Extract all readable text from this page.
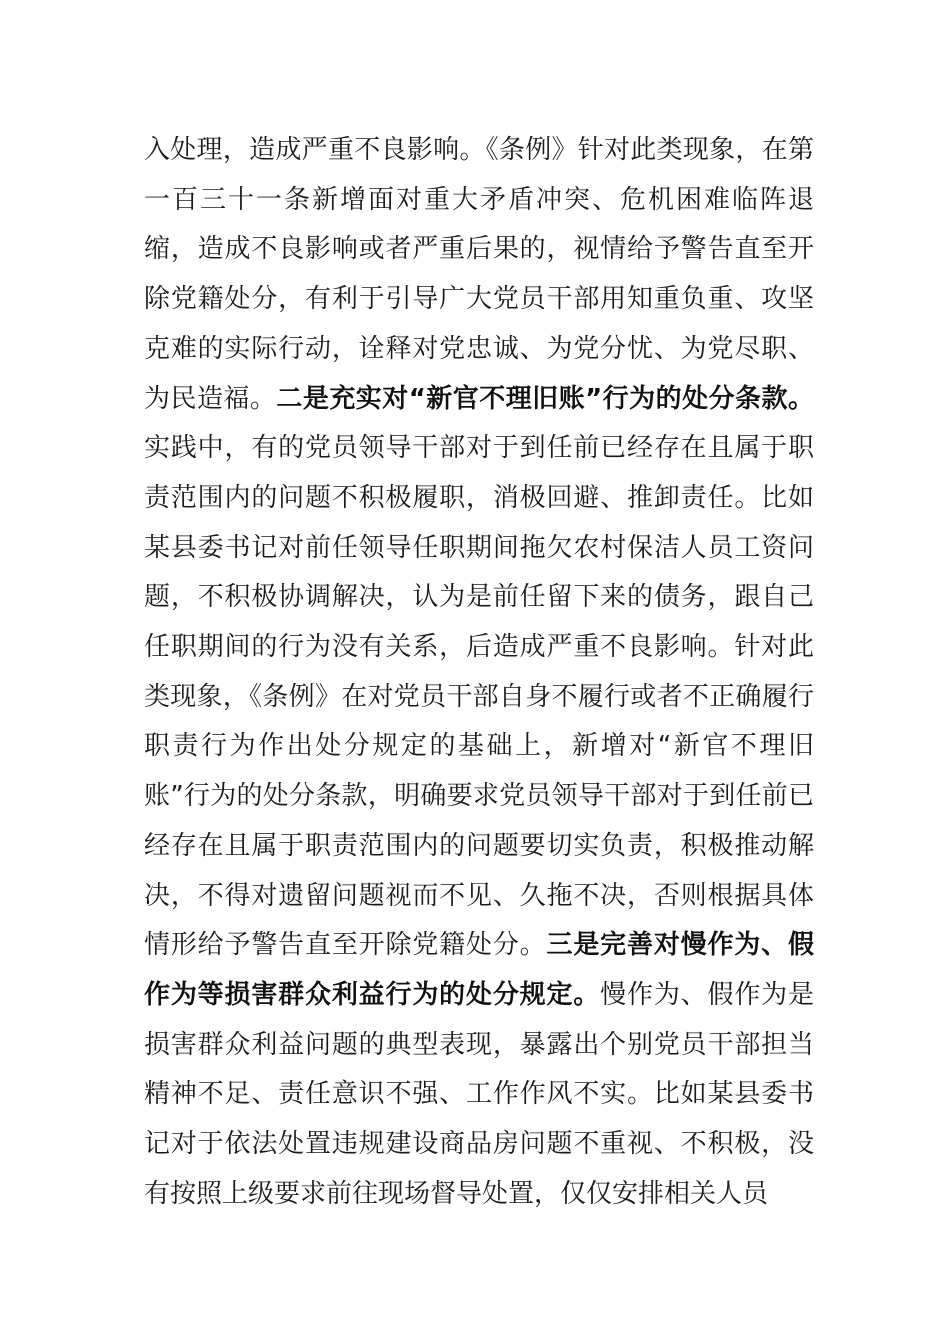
入处理，造成严重不良影响。《条例》针对此类现象，在第一百三十一条新增面对重大矛盾冲突、危机困难临阵退缩，造成不良影响或者严重后果的，视情给予警告直至开除党籍处分，有利于引导广大党员干部用知重负重、攻坚克难的实际行动，诠释对党忠诚、为党分忧、为党尽职、为民造福。二是充实对“新官不理旧账”行为的处分条款。实践中，有的党员领导干部对于到任前已经存在且属于职责范围内的问题不积极履职，消极回避、推卸责任。比如某县委书记对前任领导任职期间拖欠农村保洁人员工资问题，不积极协调解决，认为是前任留下来的债务，跟自己任职期间的行为没有关系，后造成严重不良影响。针对此类现象，《条例》在对党员干部自身不履行或者不正确履行职责行为作出处分规定的基础上，新增对“新官不理旧账”行为的处分条款，明确要求党员领导干部对于到任前已经存在且属于职责范围内的问题要切实负责，积极推动解决，不得对遗留问题视而不见、久拖不决，否则根据具体情形给予警告直至开除党籍处分。三是完善对慢作为、假作为等损害群众利益行为的处分规定。慢作为、假作为是损害群众利益问题的典型表现，暴露出个别党员干部担当精神不足、责任意识不强、工作作风不实。比如某县委书记对于依法处置违规建设商品房问题不重视、不积极，没有按照上级要求前往现场督导处置，仅仅安排相关人员
